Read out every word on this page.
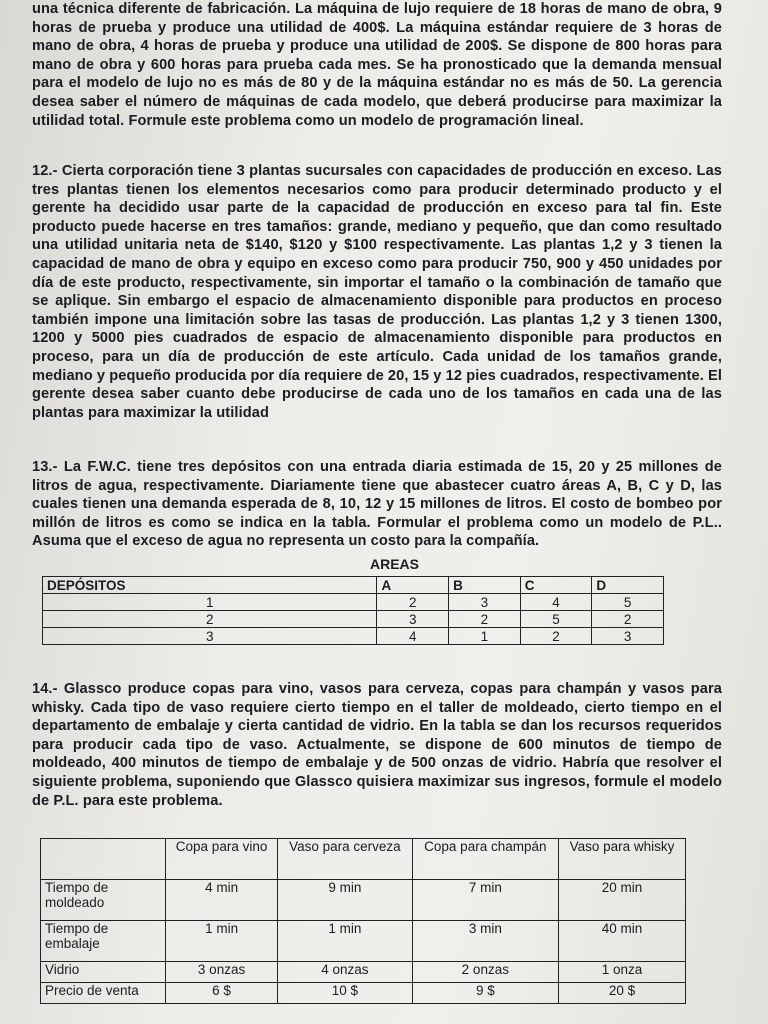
una técnica diferente de fabricación. La máquina de lujo requiere de 18 horas de mano de obra, 9 horas de prueba y produce una utilidad de 400$. La máquina estándar requiere de 3 horas de mano de obra, 4 horas de prueba y produce una utilidad de 200$. Se dispone de 800 horas para mano de obra y 600 horas para prueba cada mes. Se ha pronosticado que la demanda mensual para el modelo de lujo no es más de 80 y de la máquina estándar no es más de 50. La gerencia desea saber el número de máquinas de cada modelo, que deberá producirse para maximizar la utilidad total. Formule este problema como un modelo de programación lineal.
12.- Cierta corporación tiene 3 plantas sucursales con capacidades de producción en exceso. Las tres plantas tienen los elementos necesarios como para producir determinado producto y el gerente ha decidido usar parte de la capacidad de producción en exceso para tal fin. Este producto puede hacerse en tres tamaños: grande, mediano y pequeño, que dan como resultado una utilidad unitaria neta de $140, $120 y $100 respectivamente. Las plantas 1,2 y 3 tienen la capacidad de mano de obra y equipo en exceso como para producir 750, 900 y 450 unidades por día de este producto, respectivamente, sin importar el tamaño o la combinación de tamaño que se aplique. Sin embargo el espacio de almacenamiento disponible para productos en proceso también impone una limitación sobre las tasas de producción. Las plantas 1,2 y 3 tienen 1300, 1200 y 5000 pies cuadrados de espacio de almacenamiento disponible para productos en proceso, para un día de producción de este artículo. Cada unidad de los tamaños grande, mediano y pequeño producida por día requiere de 20, 15 y 12 pies cuadrados, respectivamente. El gerente desea saber cuanto debe producirse de cada uno de los tamaños en cada una de las plantas para maximizar la utilidad
13.- La F.W.C. tiene tres depósitos con una entrada diaria estimada de 15, 20 y 25 millones de litros de agua, respectivamente. Diariamente tiene que abastecer cuatro áreas A, B, C y D, las cuales tienen una demanda esperada de 8, 10, 12 y 15 millones de litros. El costo de bombeo por millón de litros es como se indica en la tabla. Formular el problema como un modelo de P.L.. Asuma que el exceso de agua no representa un costo para la compañía.
AREAS
DEPÓSITOS	A	B	C	D
1	2	3	4	5
2	3	2	5	2
3	4	1	2	3
14.- Glassco produce copas para vino, vasos para cerveza, copas para champán y vasos para whisky. Cada tipo de vaso requiere cierto tiempo en el taller de moldeado, cierto tiempo en el departamento de embalaje y cierta cantidad de vidrio. En la tabla se dan los recursos requeridos para producir cada tipo de vaso. Actualmente, se dispone de 600 minutos de tiempo de moldeado, 400 minutos de tiempo de embalaje y de 500 onzas de vidrio. Habría que resolver el siguiente problema, suponiendo que Glassco quisiera maximizar sus ingresos, formule el modelo de P.L. para este problema.
	Copa para vino	Vaso para cerveza	Copa para champán	Vaso para whisky
Tiempo de moldeado	4 min	9 min	7 min	20 min
Tiempo de embalaje	1 min	1 min	3 min	40 min
Vidrio	3 onzas	4 onzas	2 onzas	1 onza
Precio de venta	6 $	10 $	9 $	20 $
